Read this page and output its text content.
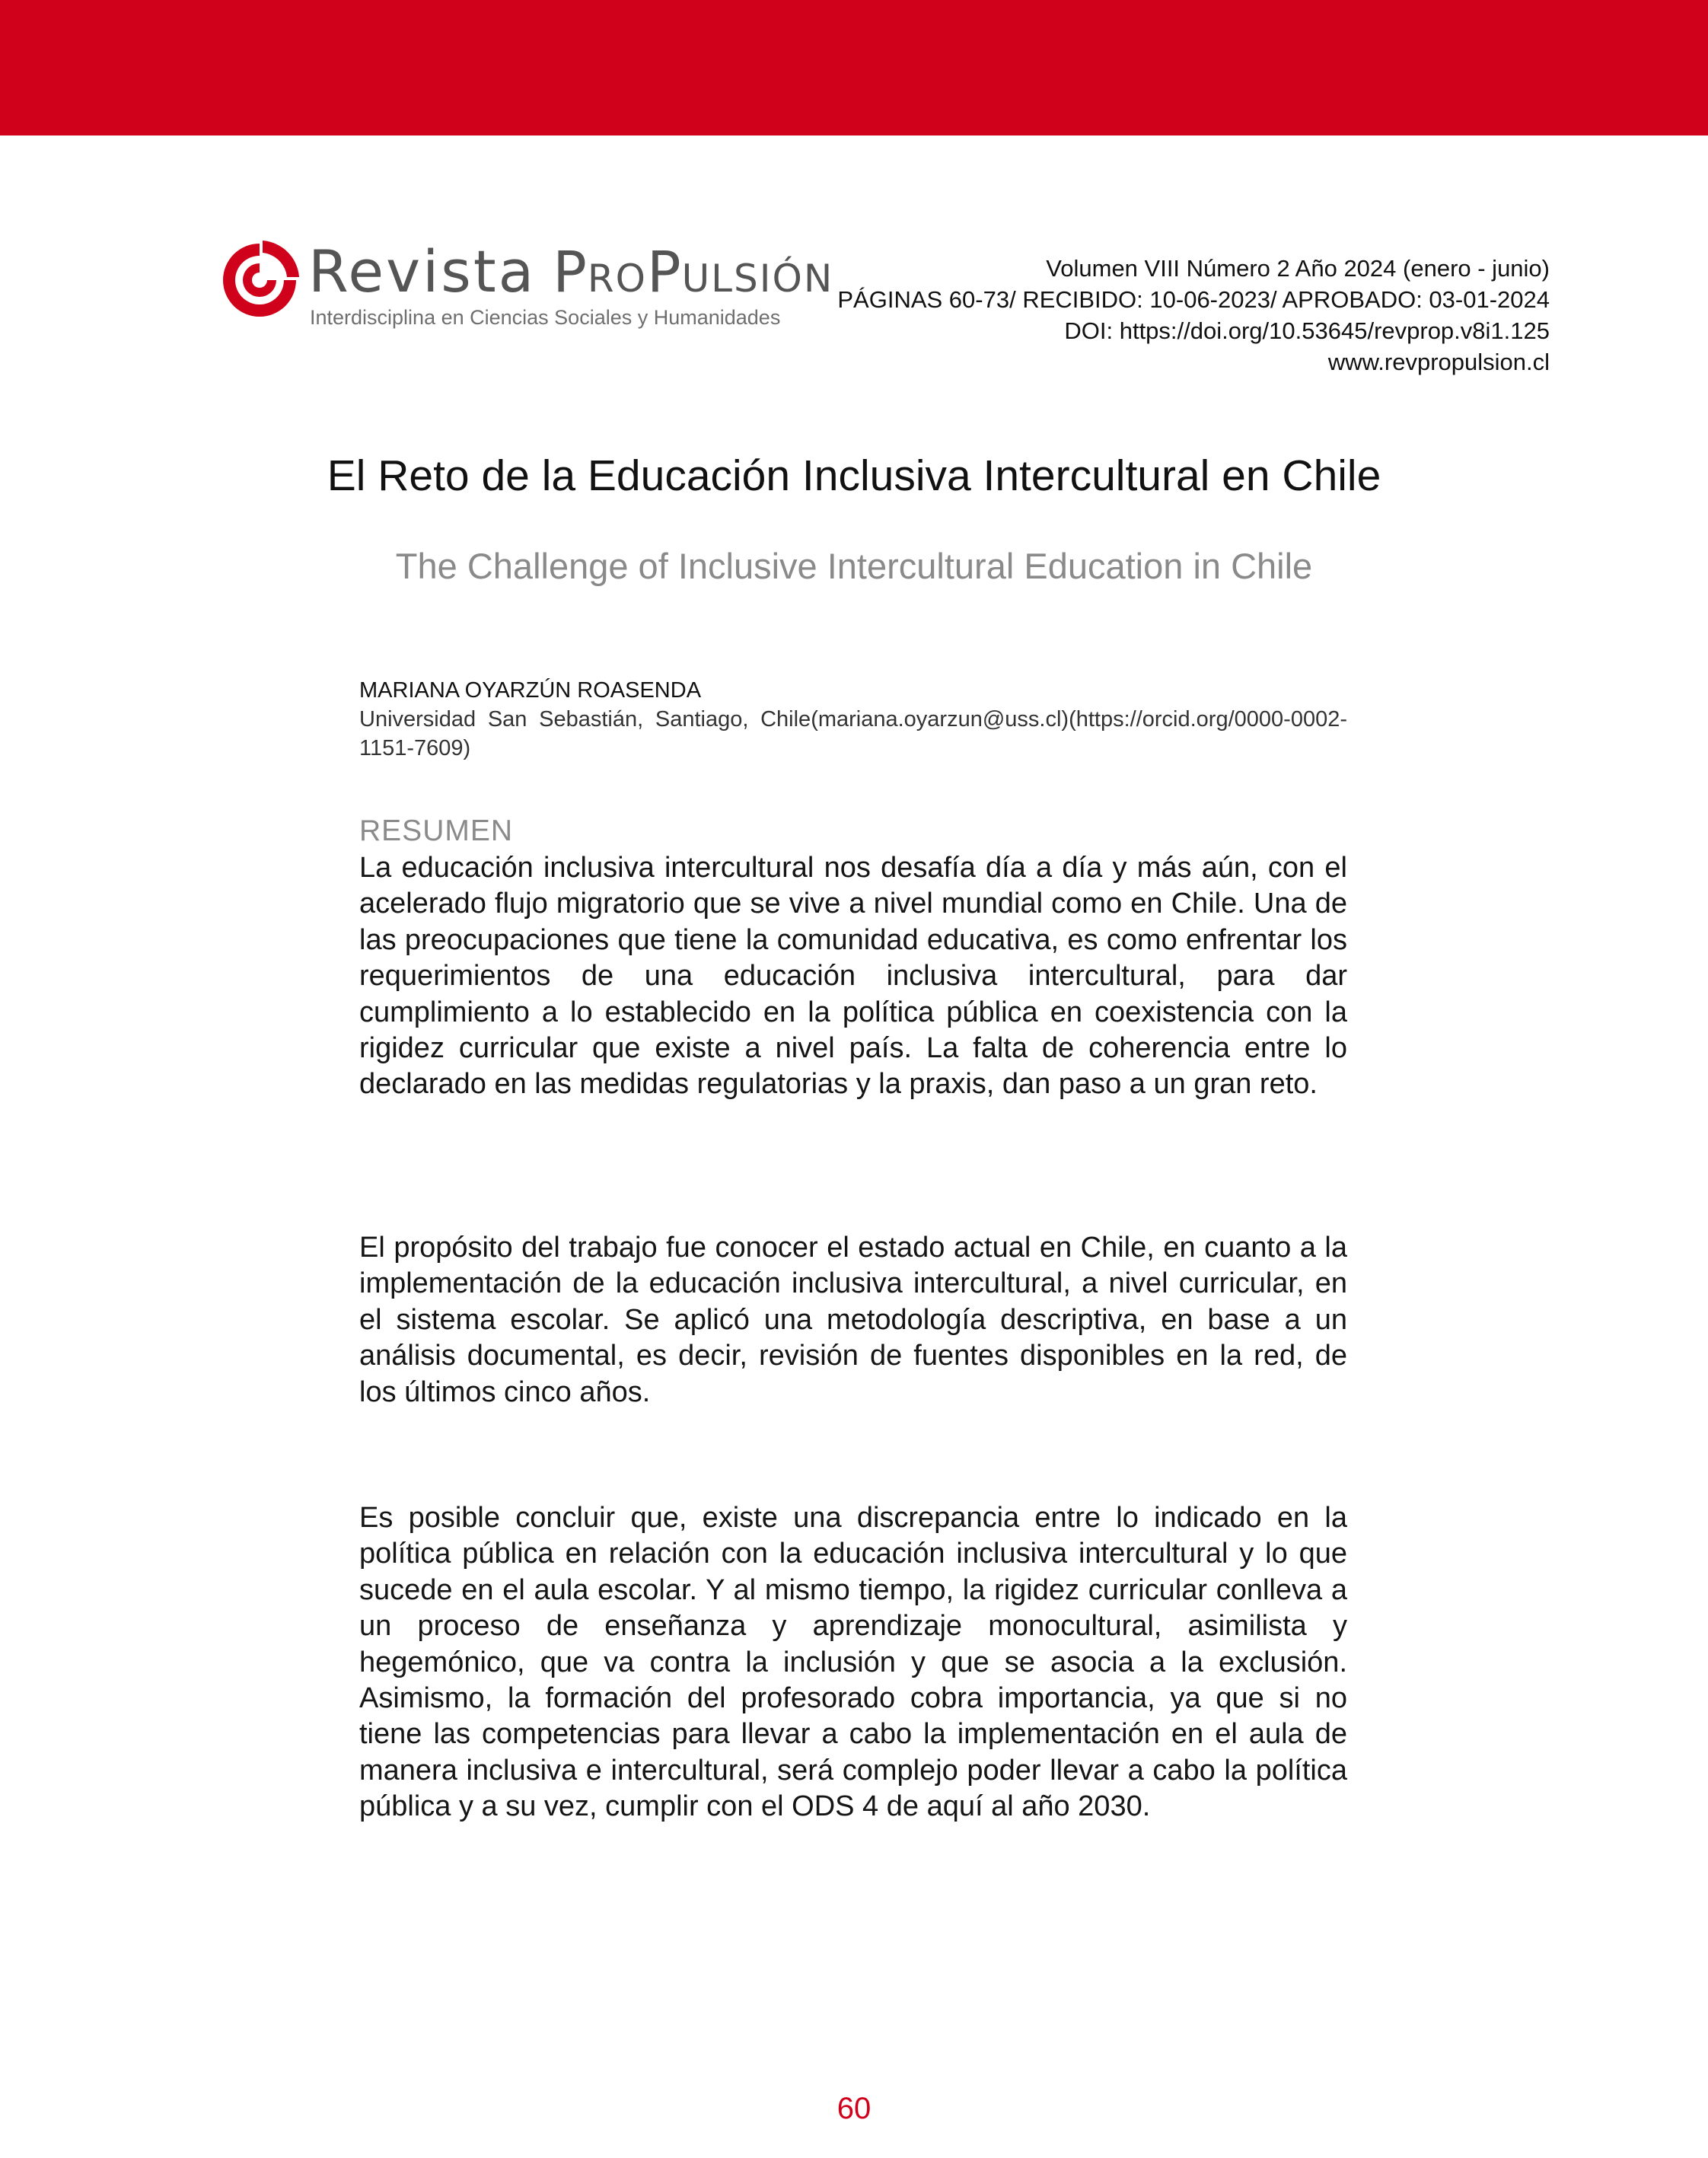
Revista PROPULSIÓN
Interdisciplina en Ciencias Sociales y Humanidades
Volumen VIII Número 2 Año 2024 (enero - junio)
PÁGINAS 60-73/ RECIBIDO: 10-06-2023/ APROBADO: 03-01-2024
DOI: https://doi.org/10.53645/revprop.v8i1.125
www.revpropulsion.cl
El Reto de la Educación Inclusiva Intercultural en Chile
The Challenge of Inclusive Intercultural Education in Chile
MARIANA OYARZÚN ROASENDA
Universidad San Sebastián, Santiago, Chile(mariana.oyarzun@uss.cl)(https://orcid.org/0000-0002-1151-7609)
RESUMEN
La educación inclusiva intercultural nos desafía día a día y más aún, con el acelerado flujo migratorio que se vive a nivel mundial como en Chile. Una de las preocupaciones que tiene la comunidad educativa, es como enfrentar los requerimientos de una educación inclusiva intercultural, para dar cumplimiento a lo establecido en la política pública en coexistencia con la rigidez curricular que existe a nivel país. La falta de coherencia entre lo declarado en las medidas regulatorias y la praxis, dan paso a un gran reto.
El propósito del trabajo fue conocer el estado actual en Chile, en cuanto a la implementación de la educación inclusiva intercultural, a nivel curricular, en el sistema escolar. Se aplicó una metodología descriptiva, en base a un análisis documental, es decir, revisión de fuentes disponibles en la red, de los últimos cinco años.
Es posible concluir que, existe una discrepancia entre lo indicado en la política pública en relación con la educación inclusiva intercultural y lo que sucede en el aula escolar. Y al mismo tiempo, la rigidez curricular conlleva a un proceso de enseñanza y aprendizaje monocultural, asimilista y hegemónico, que va contra la inclusión y que se asocia a la exclusión. Asimismo, la formación del profesorado cobra importancia, ya que si no tiene las competencias para llevar a cabo la implementación en el aula de manera inclusiva e intercultural, será complejo poder llevar a cabo la política pública y a su vez, cumplir con el ODS 4 de aquí al año 2030.
60
